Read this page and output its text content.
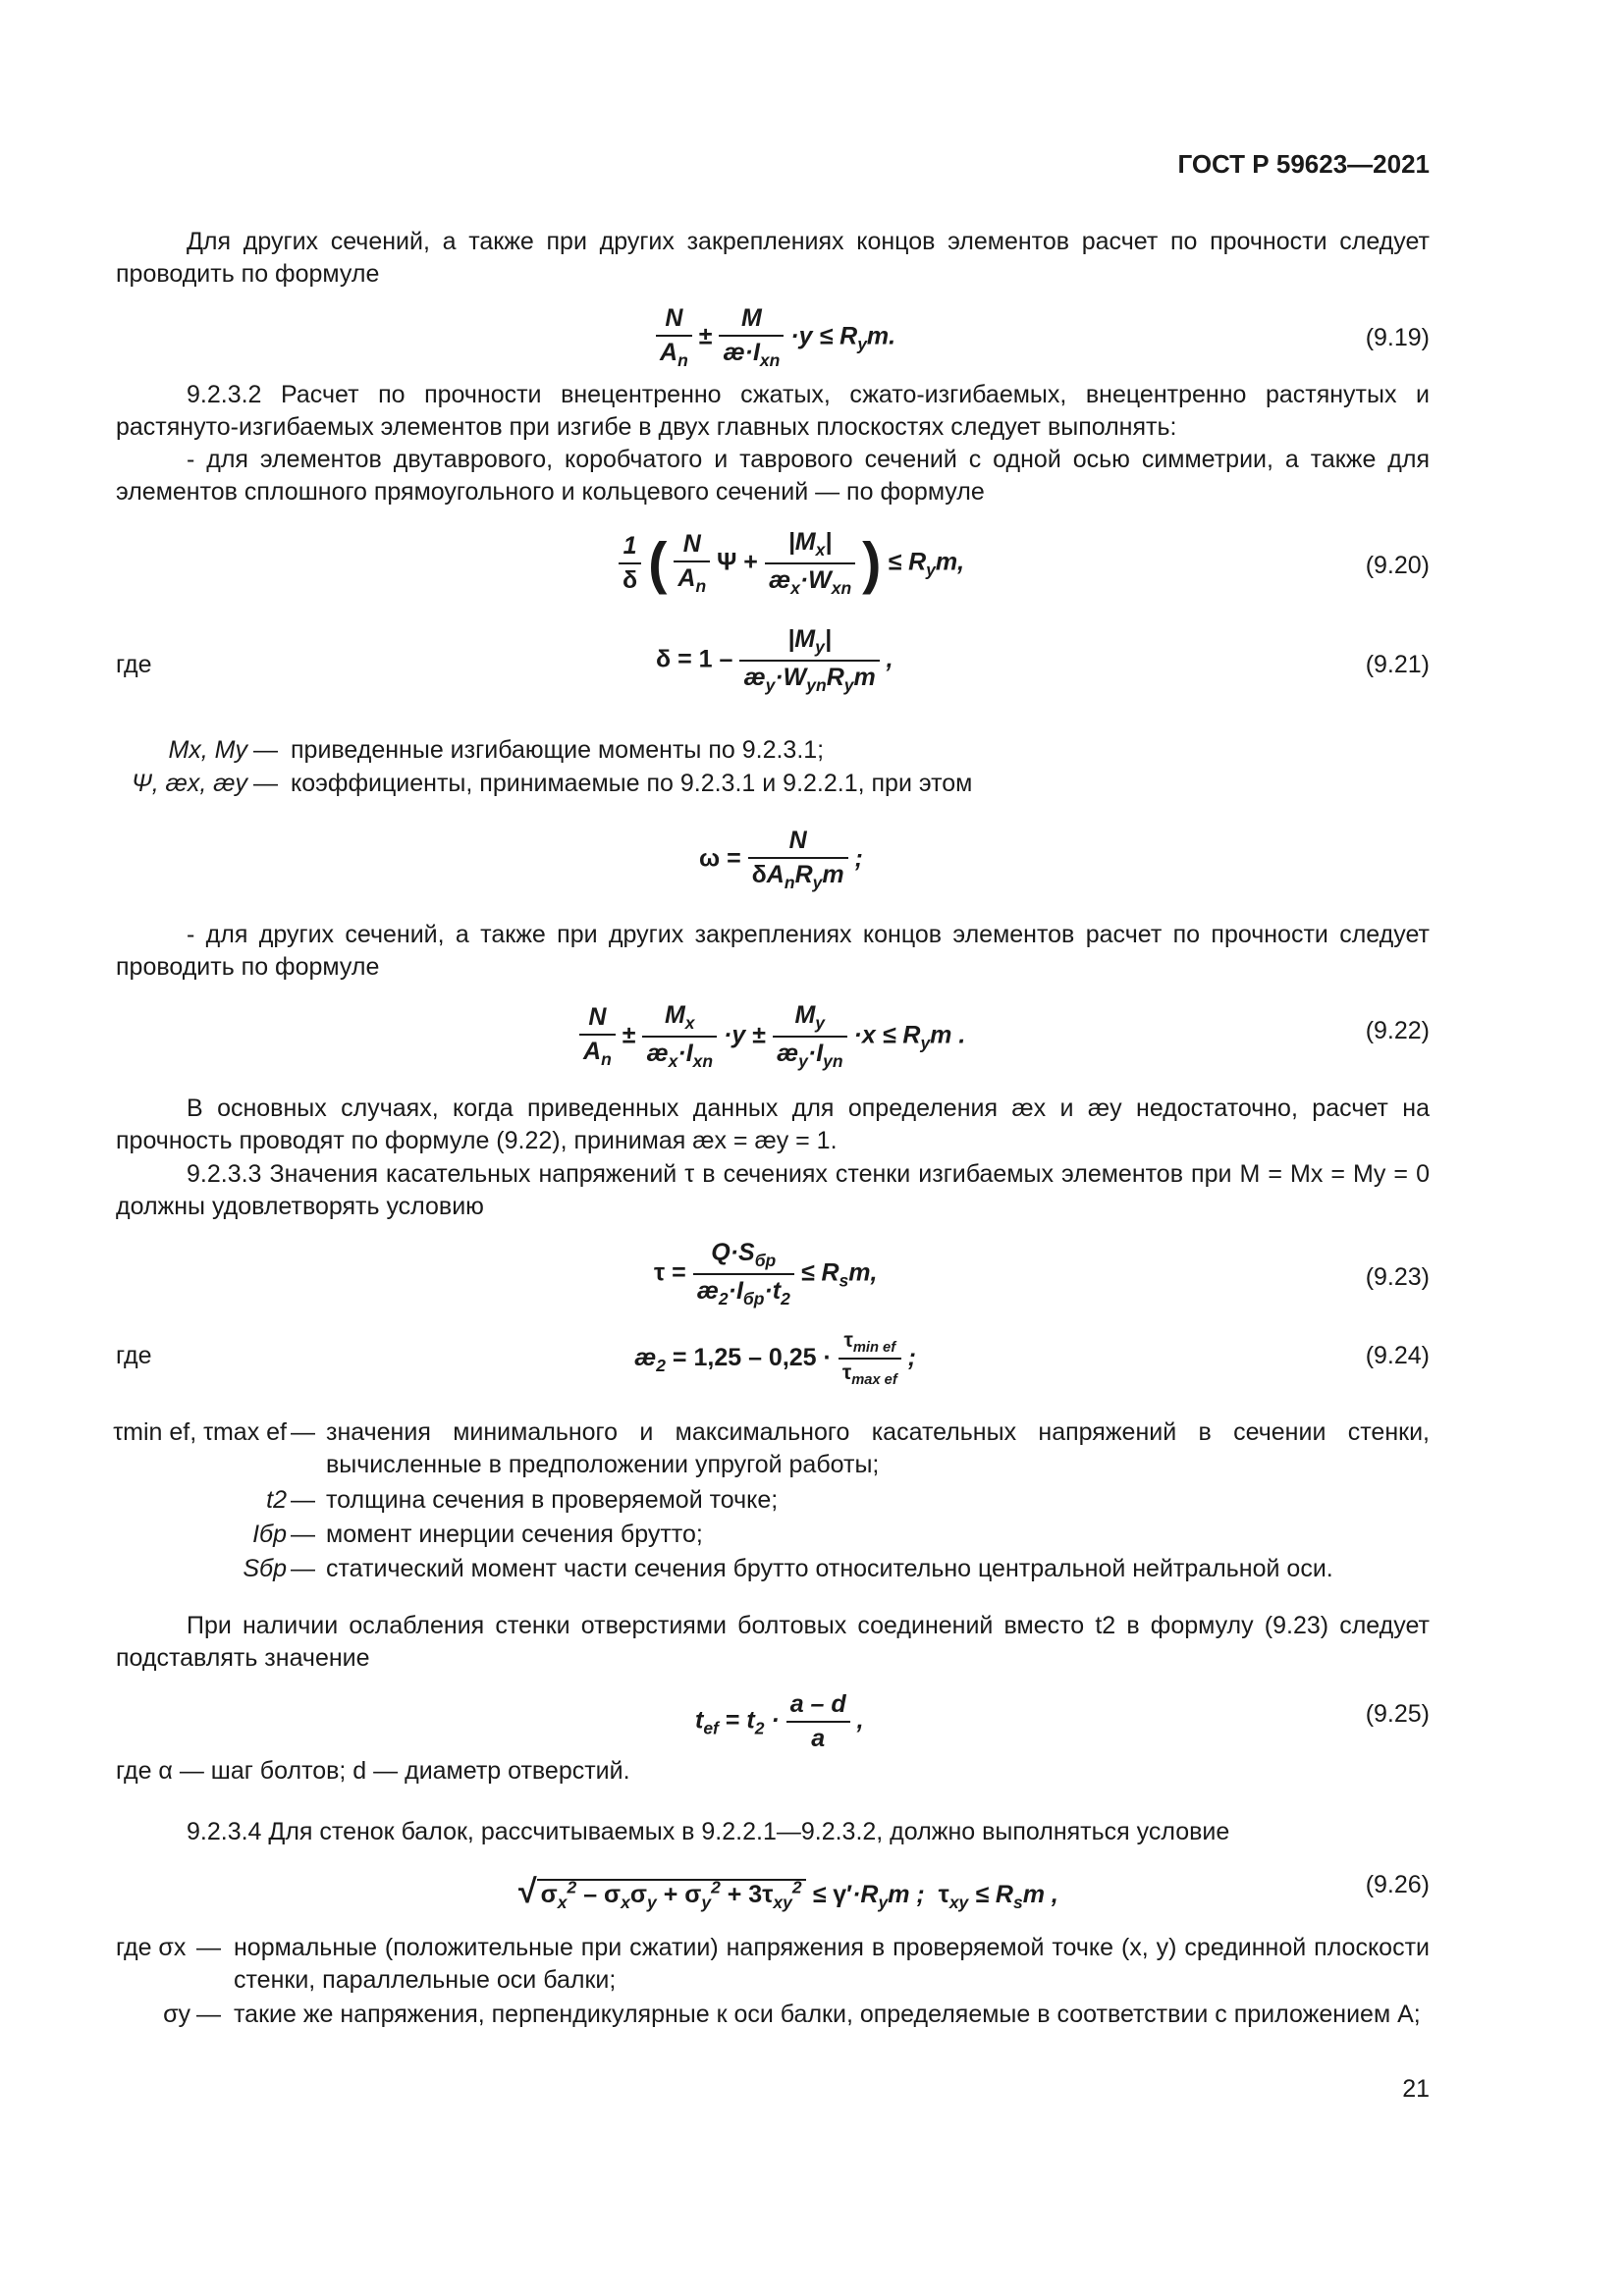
ГОСТ Р 59623—2021
Для других сечений, а также при других закреплениях концов элементов расчет по прочности следует проводить по формуле
$\frac{N}{A_n} \pm \frac{M}{æ\cdot I_{xn}} \cdot y \le R_ym$.	(9.19)
9.2.3.2 Расчет по прочности внецентренно сжатых, сжато-изгибаемых, внецентренно растянутых и растянуто-изгибаемых элементов при изгибе в двух главных плоскостях следует выполнять:
- для элементов двутаврового, коробчатого и таврового сечений с одной осью симметрии, а также для элементов сплошного прямоугольного и кольцевого сечений — по формуле
$\frac{1}{\delta}$ ( $\frac{N}{A_n}$ $\Psi + \frac{|M_x|}{æ_x\cdot W_{xn}}$ ) ≤ $R_ym$,	(9.20)
где	$\delta = 1 - \frac{|M_y|}{æ_y\cdot W_{yn}R_ym}$ ,	(9.21)
Mx, My — приведенные изгибающие моменты по 9.2.3.1;
Ψ, æx, æy — коэффициенты, принимаемые по 9.2.3.1 и 9.2.2.1, при этом
$\omega = \frac{N}{\delta A_nR_ym}$ ;
- для других сечений, а также при других закреплениях концов элементов расчет по прочности следует проводить по формуле
$\frac{N}{A_n} \pm \frac{M_x}{æ_x\cdot I_{xn}} \cdot y \pm \frac{M_y}{æ_y\cdot I_{yn}} \cdot x \le R_ym$ .	(9.22)
В основных случаях, когда приведенных данных для определения æx и æy недостаточно, расчет на прочность проводят по формуле (9.22), принимая æx = æy = 1.
9.2.3.3 Значения касательных напряжений τ в сечениях стенки изгибаемых элементов при M = Mx = My = 0 должны удовлетворять условию
$\tau = \frac{Q\cdot S_{бр}}{æ_2\cdot I_{бр}\cdot t_2} \le R_sm$,	(9.23)
где	$æ_2 = 1,25 - 0,25 \cdot \frac{\tau_{min ef}}{\tau_{max ef}}$ ;	(9.24)
τmin ef, τmax ef — значения минимального и максимального касательных напряжений в сечении стенки, вычисленные в предположении упругой работы;
t2 — толщина сечения в проверяемой точке;
Iбр — момент инерции сечения брутто;
Sбр — статический момент части сечения брутто относительно центральной нейтральной оси.
При наличии ослабления стенки отверстиями болтовых соединений вместо t2 в формулу (9.23) следует подставлять значение
$t_{ef} = t_2 \cdot \frac{a - d}{a}$ ,	(9.25)
где α — шаг болтов; d — диаметр отверстий.
9.2.3.4 Для стенок балок, рассчитываемых в 9.2.2.1—9.2.3.2, должно выполняться условие
√ $\sigma_x^2 - \sigma_x\sigma_y + \sigma_y^2 + 3\tau_{xy}^2 \le \gamma'\cdot R_ym$ ;  $\tau_{xy} \le R_sm$ ,	(9.26)
где σx — нормальные (положительные при сжатии) напряжения в проверяемой точке (x, y) срединной плоскости стенки, параллельные оси балки;
σy — такие же напряжения, перпендикулярные к оси балки, определяемые в соответствии с приложением А;
21
